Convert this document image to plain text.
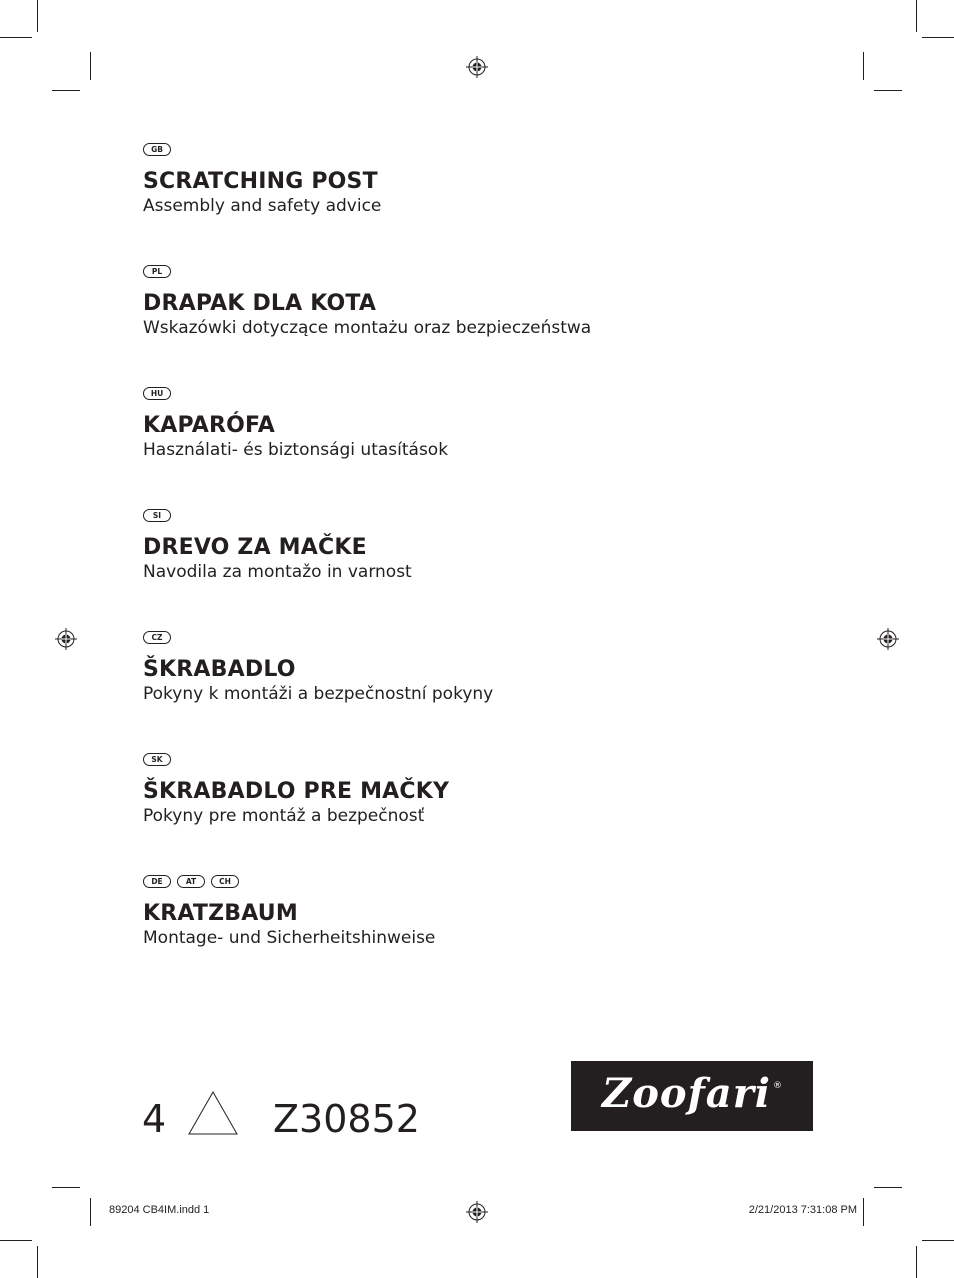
GB
SCRATCHING POST
Assembly and safety advice
PL
DRAPAK DLA KOTA
Wskazówki dotyczące montażu oraz bezpieczeństwa
HU
KAPARÓFA
Használati- és biztonsági utasítások
SI
DREVO ZA MAČKE
Navodila za montažo in varnost
CZ
ŠKRABADLO
Pokyny k montáži a bezpečnostní pokyny
SK
ŠKRABADLO PRE MAČKY
Pokyny pre montáž a bezpečnosť
DE	AT	CH
KRATZBAUM
Montage- und Sicherheitshinweise
4	Z30852
Zoofari ®
89204 CB4IM.indd 1	2/21/2013 7:31:08 PM
